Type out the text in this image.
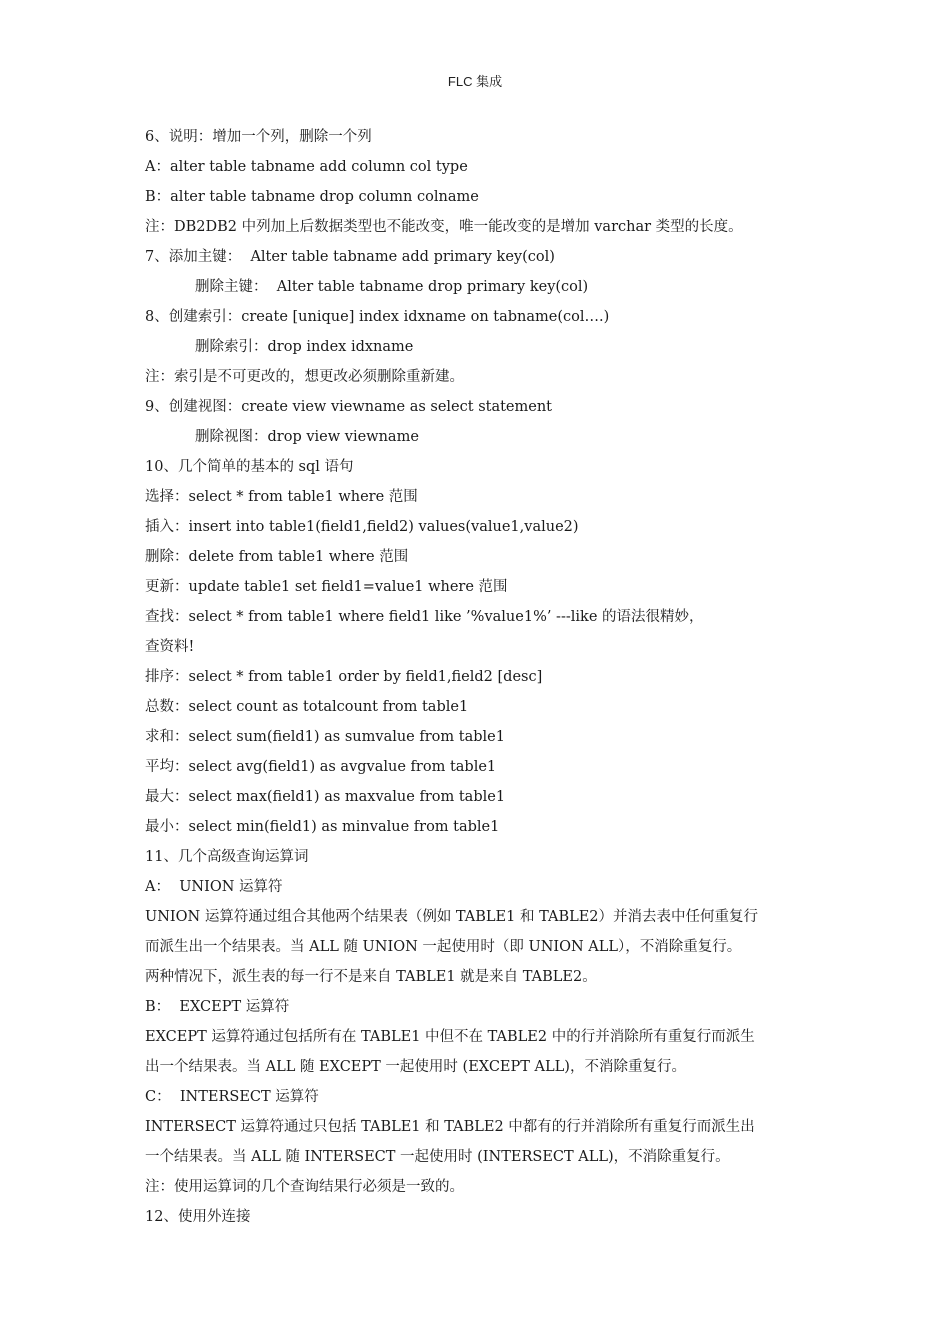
FLC 集成
6、说明：增加一个列，删除一个列
A：alter table tabname add column col type
B：alter table tabname drop column colname
注：DB2DB2 中列加上后数据类型也不能改变，唯一能改变的是增加 varchar 类型的长度。
7、添加主键：  Alter table tabname add primary key(col)
删除主键：  Alter table tabname drop primary key(col)
8、创建索引：create [unique] index idxname on tabname(col….)
删除索引：drop index idxname
注：索引是不可更改的，想更改必须删除重新建。
9、创建视图：create view viewname as select statement
删除视图：drop view viewname
10、几个简单的基本的 sql 语句
选择：select * from table1 where 范围
插入：insert into table1(field1,field2) values(value1,value2)
删除：delete from table1 where 范围
更新：update table1 set field1=value1 where 范围
查找：select * from table1 where field1 like ’%value1%’ ---like 的语法很精妙，
查资料!
排序：select * from table1 order by field1,field2 [desc]
总数：select count as totalcount from table1
求和：select sum(field1) as sumvalue from table1
平均：select avg(field1) as avgvalue from table1
最大：select max(field1) as maxvalue from table1
最小：select min(field1) as minvalue from table1
11、几个高级查询运算词
A：  UNION 运算符
UNION 运算符通过组合其他两个结果表（例如 TABLE1 和 TABLE2）并消去表中任何重复行
而派生出一个结果表。当 ALL 随 UNION 一起使用时（即 UNION ALL），不消除重复行。
两种情况下，派生表的每一行不是来自 TABLE1 就是来自 TABLE2。
B：  EXCEPT 运算符
EXCEPT 运算符通过包括所有在 TABLE1 中但不在 TABLE2 中的行并消除所有重复行而派生
出一个结果表。当 ALL 随 EXCEPT 一起使用时 (EXCEPT ALL)，不消除重复行。
C：  INTERSECT 运算符
INTERSECT 运算符通过只包括 TABLE1 和 TABLE2 中都有的行并消除所有重复行而派生出
一个结果表。当 ALL 随 INTERSECT 一起使用时 (INTERSECT ALL)，不消除重复行。
注：使用运算词的几个查询结果行必须是一致的。
12、使用外连接
